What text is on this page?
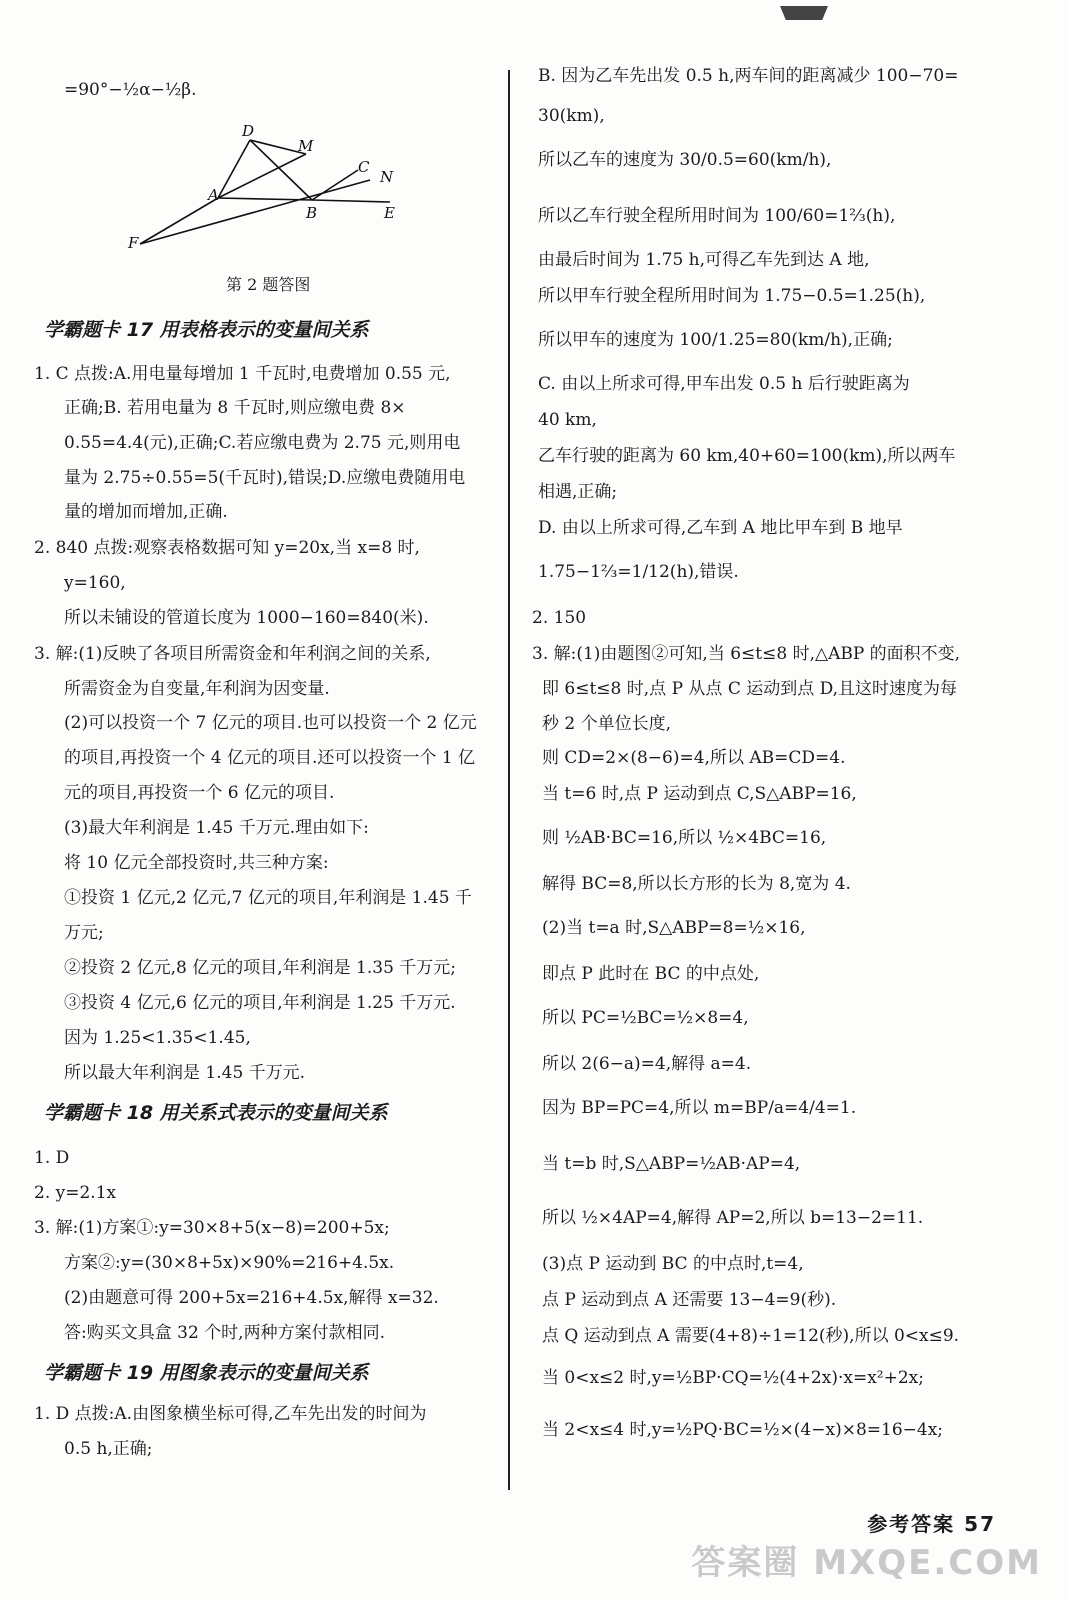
=90°−½α−½β.
学霸题卡 17 用表格表示的变量间关系
1. C 点拨:A.用电量每增加 1 千瓦时,电费增加 0.55 元,
正确;B. 若用电量为 8 千瓦时,则应缴电费 8×
0.55=4.4(元),正确;C.若应缴电费为 2.75 元,则用电
量为 2.75÷0.55=5(千瓦时),错误;D.应缴电费随用电
量的增加而增加,正确.
2. 840 点拨:观察表格数据可知 y=20x,当 x=8 时,
y=160,
所以未铺设的管道长度为 1000−160=840(米).
3. 解:(1)反映了各项目所需资金和年利润之间的关系,
所需资金为自变量,年利润为因变量.
(2)可以投资一个 7 亿元的项目.也可以投资一个 2 亿元
的项目,再投资一个 4 亿元的项目.还可以投资一个 1 亿
元的项目,再投资一个 6 亿元的项目.
(3)最大年利润是 1.45 千万元.理由如下:
将 10 亿元全部投资时,共三种方案:
①投资 1 亿元,2 亿元,7 亿元的项目,年利润是 1.45 千
万元;
②投资 2 亿元,8 亿元的项目,年利润是 1.35 千万元;
③投资 4 亿元,6 亿元的项目,年利润是 1.25 千万元.
因为 1.25<1.35<1.45,
所以最大年利润是 1.45 千万元.
学霸题卡 18 用关系式表示的变量间关系
1. D
2. y=2.1x
3. 解:(1)方案①:y=30×8+5(x−8)=200+5x;
方案②:y=(30×8+5x)×90%=216+4.5x.
(2)由题意可得 200+5x=216+4.5x,解得 x=32.
答:购买文具盒 32 个时,两种方案付款相同.
学霸题卡 19 用图象表示的变量间关系
1. D 点拨:A.由图象横坐标可得,乙车先出发的时间为
0.5 h,正确;
B. 因为乙车先出发 0.5 h,两车间的距离减少 100−70=
30(km),
所以乙车的速度为 30/0.5=60(km/h),
所以乙车行驶全程所用时间为 100/60=1⅔(h),
由最后时间为 1.75 h,可得乙车先到达 A 地,
所以甲车行驶全程所用时间为 1.75−0.5=1.25(h),
所以甲车的速度为 100/1.25=80(km/h),正确;
C. 由以上所求可得,甲车出发 0.5 h 后行驶距离为
40 km,
乙车行驶的距离为 60 km,40+60=100(km),所以两车
相遇,正确;
D. 由以上所求可得,乙车到 A 地比甲车到 B 地早
1.75−1⅔=1/12(h),错误.
2. 150
3. 解:(1)由题图②可知,当 6≤t≤8 时,△ABP 的面积不变,
即 6≤t≤8 时,点 P 从点 C 运动到点 D,且这时速度为每
秒 2 个单位长度,
则 CD=2×(8−6)=4,所以 AB=CD=4.
当 t=6 时,点 P 运动到点 C,S△ABP=16,
则 ½AB·BC=16,所以 ½×4BC=16,
解得 BC=8,所以长方形的长为 8,宽为 4.
(2)当 t=a 时,S△ABP=8=½×16,
即点 P 此时在 BC 的中点处,
所以 PC=½BC=½×8=4,
所以 2(6−a)=4,解得 a=4.
因为 BP=PC=4,所以 m=BP/a=4/4=1.
当 t=b 时,S△ABP=½AB·AP=4,
所以 ½×4AP=4,解得 AP=2,所以 b=13−2=11.
(3)点 P 运动到 BC 的中点时,t=4,
点 P 运动到点 A 还需要 13−4=9(秒).
点 Q 运动到点 A 需要(4+8)÷1=12(秒),所以 0<x≤9.
当 0<x≤2 时,y=½BP·CQ=½(4+2x)·x=x²+2x;
当 2<x≤4 时,y=½PQ·BC=½×(4−x)×8=16−4x;
D
M
C
N
A
B	E
F
第 2 题答图
参考答案 57
答案圈 MXQE.COM
